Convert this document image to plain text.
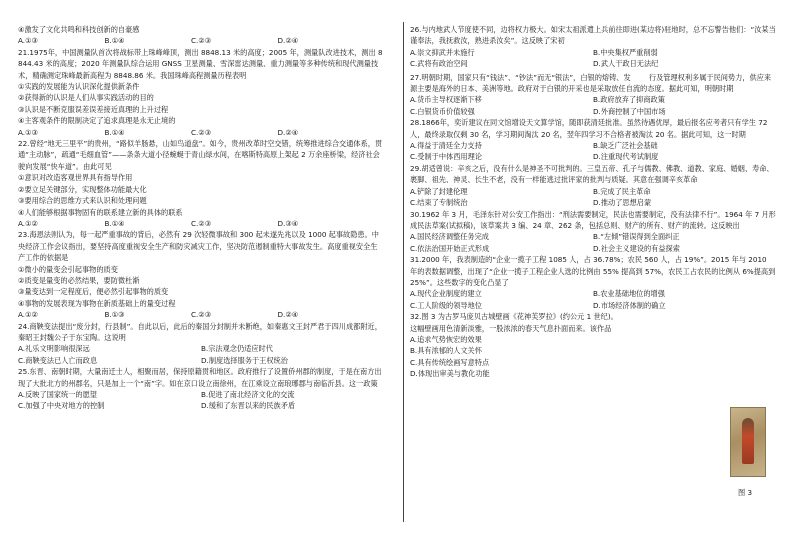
④激发了文化共鸣和科技创新的自豪感

A.①③	B.①④	C.②③	D.②④

21.1975年，中国测量队首次将战标带上珠峰峰顶，测出 8848.13 米的高度；2005 年，测量队改进技术，测出 8844.43 米的高度；2020 年测量队综合运用 GNSS 卫星测量、雪深雷达测量、重力测量等多种传统和现代测量技术，精确测定珠峰最新高程为 8848.86 米。我国珠峰高程测量历程表明

①实践的发展能为认识深化提供新条件

②获得新的认识是人们从事实践活动的目的

③认识是不断克服误差误差接近真理的上升过程

④主客观条件的限制决定了追求真理是永无止境的

A.①③	B.①④	C.②③	D.②④

22.曾经“地无三里平”的贵州，“路似羊肠悬，山如鸟道盘”。如今，贵州改革时空交错，统筹推进综合交通体系，贯通“主动脉”，疏通“毛细血管”——条条大道小径蜿蜒于青山绿水间，在喀斯特高原上架起 2 万余座桥梁，经济社会驶向发展“快车道”。由此可见

①意识对改造客观世界具有指导作用

②要立足关键部分，实现整体功能最大化

③要用综合的思维方式来认识和处理问题

④人们能够根据事物固有的联系建立新的具体的联系

A.①②	B.①④	C.②③	D.③④

23.海恩法则认为，每一起严重事故的背后，必然有 29 次轻微事故和 300 起未遂先兆以及 1000 起事故隐患。中央经济工作会议指出，要坚持高度重视安全生产和防灾减灾工作，坚决防范遏制重特大事故发生。高度重视安全生产工作的依据是

①微小的量变会引起事物的质变

②质变是量变的必然结果，要防微杜渐

③量变达到一定程度后，便必然引起事物的质变

④事物的发展表现为事物在新质基础上的量变过程

A.①②	B.①③	C.②③	D.②④

24.商鞅变法提出“废分封，行县制”。自此以后，此后的秦国分封制并未断绝，如秦惠文王封严君于四川成都附近，秦昭王封魏公子于东宝陶。这说明

A.礼乐文明影响很深远	B.宗法观念仍适应时代
C.商鞅变法已人亡而政息	D.制度选择服务于王权统治

25.东晋、南朝时期，大量南迁士人，相聚而居，保持原籍贯和地区。政府推行了设置侨州郡的制度，于是在南方出现了大批北方的州郡名，只是加上一个“南”字。如在京口设立南徐州，在江乘设立南琅琊郡与南临沂县。这一政策

A.反映了国家统一的愿望	B.促进了南北经济文化的交流
C.加强了中央对地方的控制	D.缓和了东晋以来的民族矛盾

26.与内地武人节度使不同，边将权力极大。如宋太祖派遣上兵前往即进(某边将)驻地时，总不忘警告他们：“汝某当谨奉法，我抚救汝，熟进杀汝矣”。这反映了宋初

A.崇文抑武并未施行	B.中央集权严重削弱
C.武将有政治空间	D.武人干政日无法纪

27.明朝时期，国家只有“钱法”、“钞法”而无“银法”，白银的熔铸、发        行及管理权利多属于民间势力，供应来源主要是海外的日本、美洲等地。政府对于白银的开采也是采取放任自流的态度。据此可知，明朝时期

A.货币主导权逐渐下移	B.政府放弃了抑商政策
C.白银货币价值较强	D.外商控制了中国市场

28.1866年，奕䜣建议在同文馆增设天文算学馆，随即获清廷批准。虽然待遇优厚，最后报名应考者只有学生 72 人，最终录取仅剩 30 名，学习期间淘汰 20 名，翌年四学习不合格者被淘汰 20 名。据此可知，这一时期

A.得益于清廷全力支持	B.缺乏广泛社会基础
C.受制于中体西用理论	D.注重现代考试制度

29.胡适曾说：辛亥之后，没有什么是神圣不可批判的。三皇五帝、孔子与儒教、佛教、道教、家庭、婚姻、寿命、裹脚、祖先、神灵、长生不老，没有一样能逃过批评家的批判与质疑。其意在强调辛亥革命

A.铲除了封建伦理	B.完成了民主革命
C.结束了专制统治	D.推动了思想启蒙

30.1962 年 3 月，毛泽东针对公安工作指出：“刑法需要制定，民法也需要制定，没有法律不行”。1964 年 7 月形成民法草案(试拟稿)，该草案共 3 编、24 章、262 条，包括总则、财产的所有、财产的流转。这反映出

A.国民经济调整任务完成	B.“左倾”错误得到全面纠正
C.依法治国开始正式形成	D.社会主义建设的有益探索

31.2000 年，我表制造的“企业一揽子工程 1085 人，占 36.78%；农民 560 人，占 19%”。2015 年与 2010 年的表数据调整，出现了“企业一揽子工程企业人选的比例由 55% 提高到 57%，农民工占农民的比例从 6%提高到 25%”。这些数字的变化凸显了

A.现代企业制度的建立	B.农业基础地位的增强
C.工人阶级的领导地位	D.市场经济体制的确立

32.图 3 为古罗马庞贝古城壁画《花神芙罗拉》(约公元 1 世纪)。

这幅壁画用色清新淡雅，一股浓浓的春天气息扑面而来。该作品

A.追求气势恢宏的效果

B.具有浓郁的人文关怀

C.具有传统绘画写意特点

D.体现出审美与教化功能

图 3
